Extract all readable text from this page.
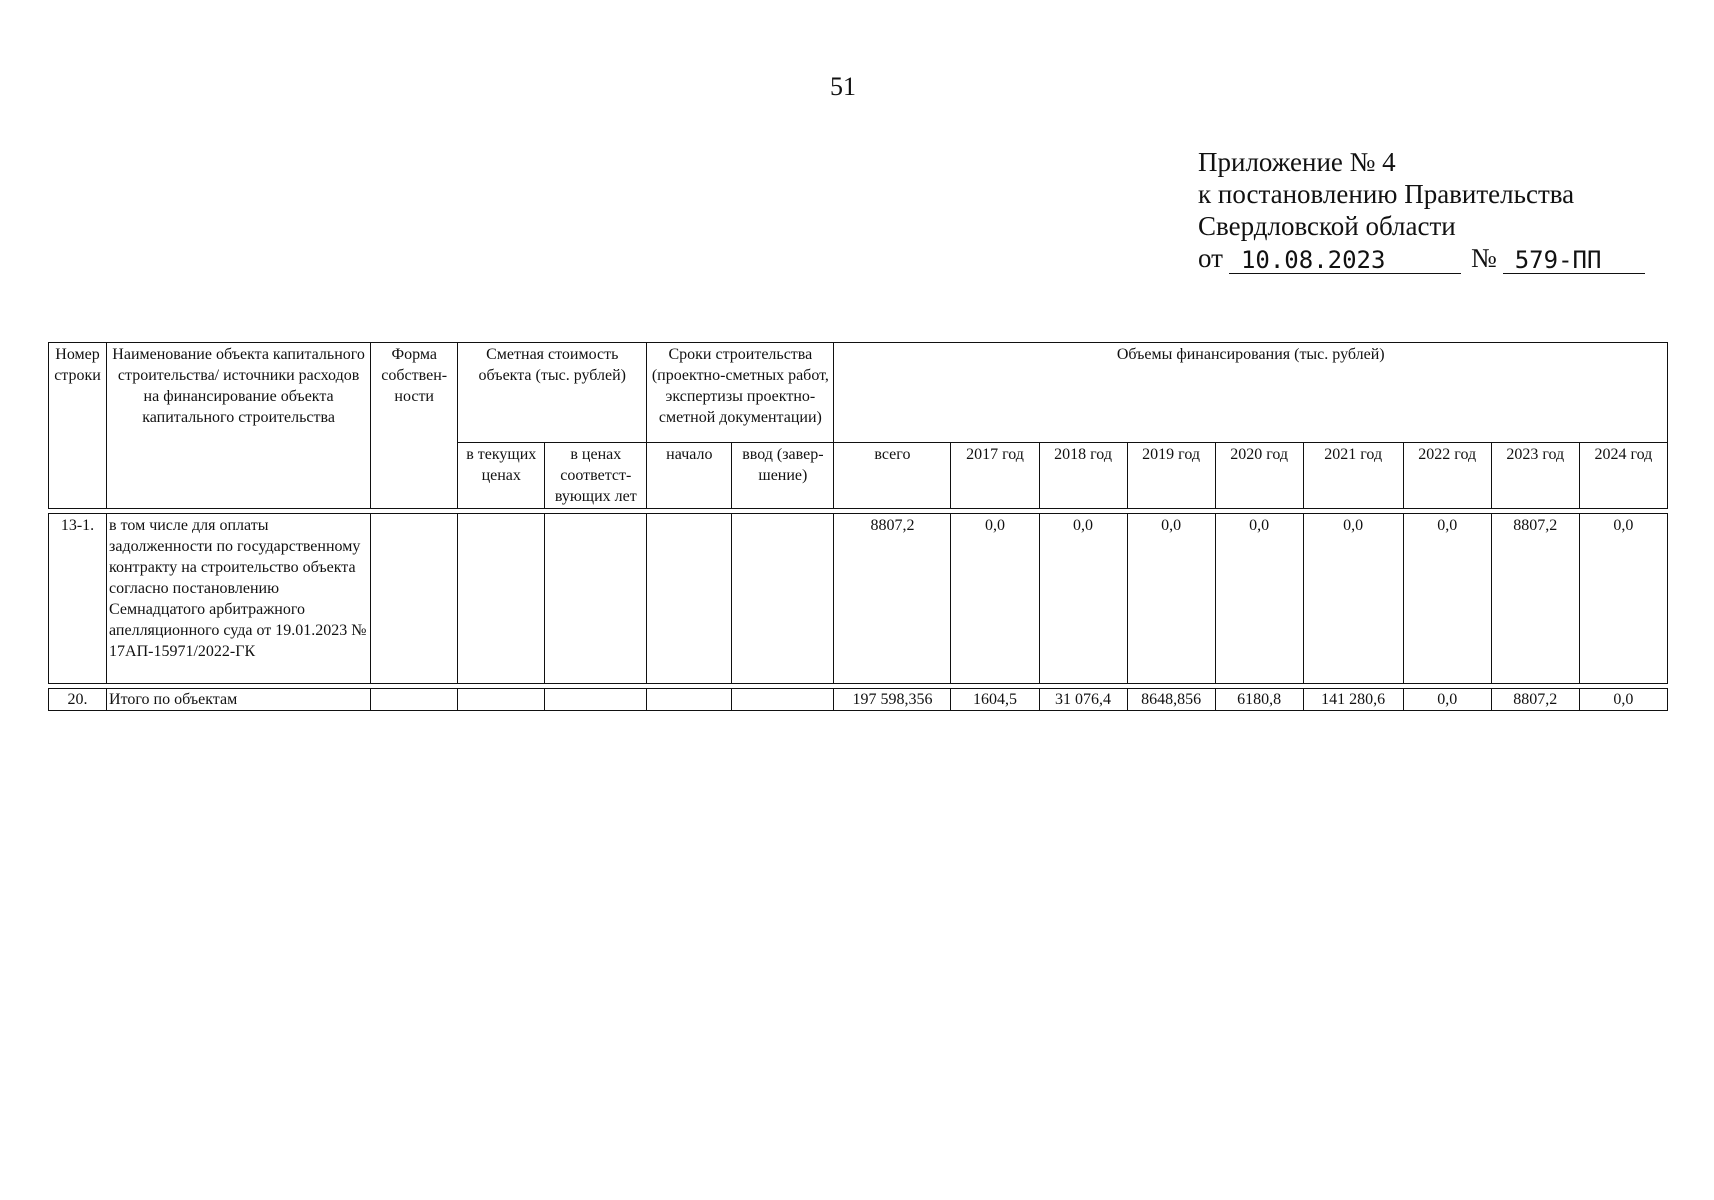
51
Приложение № 4
к постановлению Правительства
Свердловской области
от 10.08.2023	№ 579-ПП
Номер строки	Наименование объекта капитального строительства/ источники расходов на финансирование объекта капитального строительства	Форма собствен-ности	Сметная стоимость объекта (тыс. рублей)		Сроки строительства (проектно-сметных работ, экспертизы проектно-сметной документации)		Объемы финансирования (тыс. рублей)								
			в текущих ценах	в ценах соответст-вующих лет	начало	ввод (завер-шение)	всего	2017 год	2018 год	2019 год	2020 год	2021 год	2022 год	2023 год	2024 год

13-1.	в том числе для оплаты задолженности по государственному контракту на строительство объекта согласно постановлению Семнадцатого арбитражного апелляционного суда от 19.01.2023 № 17АП-15971/2022-ГК						8807,2	0,0	0,0	0,0	0,0	0,0	0,0	8807,2	0,0

20.	Итого по объектам						197 598,356	1604,5	31 076,4	8648,856	6180,8	141 280,6	0,0	8807,2	0,0
